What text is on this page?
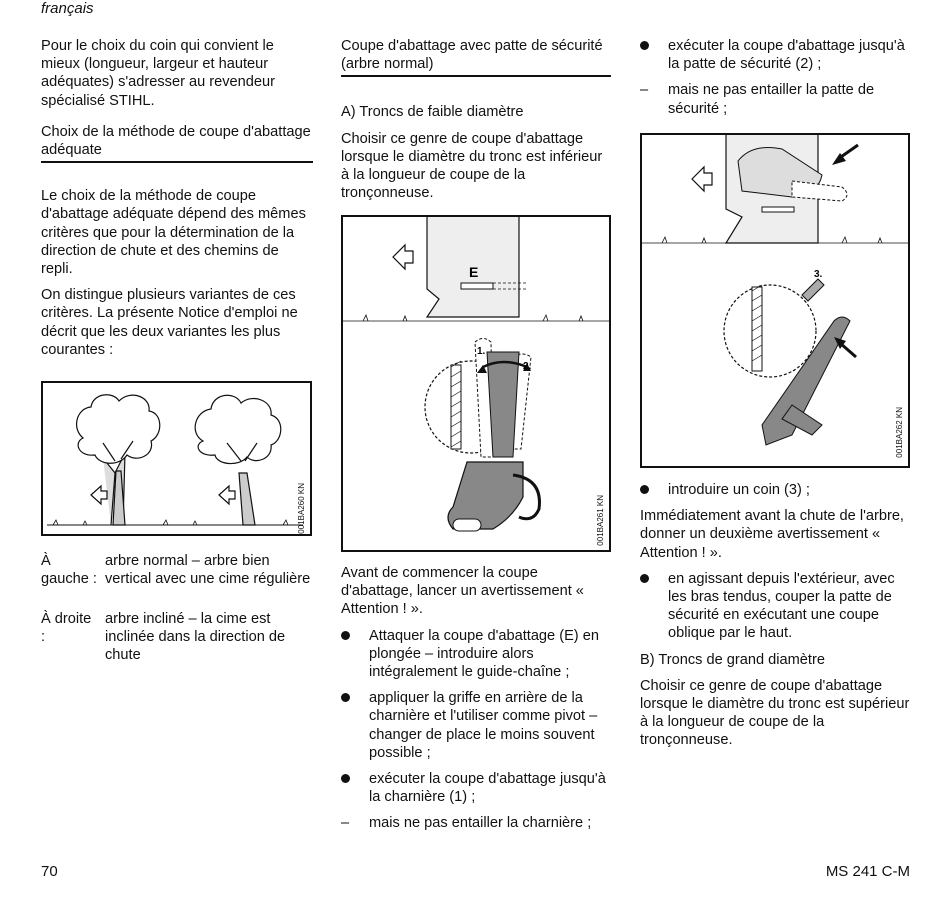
français

Pour le choix du coin qui convient le mieux (longueur, largeur et hauteur adéquates) s'adresser au revendeur spécialisé STIHL.

Choix de la méthode de coupe d'abattage adéquate

Le choix de la méthode de coupe d'abattage adéquate dépend des mêmes critères que pour la détermination de la direction de chute et des chemins de repli.

On distingue plusieurs variantes de ces critères. La présente Notice d'emploi ne décrit que les deux variantes les plus courantes :

001BA260 KN
À gauche :
arbre normal – arbre bien vertical avec une cime régulière
À droite :
arbre incliné – la cime est inclinée dans la direction de chute
Coupe d'abattage avec patte de sécurité (arbre normal)
A) Troncs de faible diamètre

Choisir ce genre de coupe d'abattage lorsque le diamètre du tronc est inférieur à la longueur de coupe de la tronçonneuse.

E
1.
2.
001BA261 KN

Avant de commencer la coupe d'abattage, lancer un avertissement « Attention ! ».

Attaquer la coupe d'abattage (E) en plongée – introduire alors intégralement le guide-chaîne ;
appliquer la griffe en arrière de la charnière et l'utiliser comme pivot – changer de place le moins souvent possible ;
exécuter la coupe d'abattage jusqu'à la charnière (1) ;
–	mais ne pas entailler la charnière ;
exécuter la coupe d'abattage jusqu'à la patte de sécurité (2) ;
–	mais ne pas entailler la patte de sécurité ;
3.
001BA262 KN
introduire un coin (3) ;

Immédiatement avant la chute de l'arbre, donner un deuxième avertissement « Attention ! ».

en agissant depuis l'extérieur, avec les bras tendus, couper la patte de sécurité en exécutant une coupe oblique par le haut.
B) Troncs de grand diamètre

Choisir ce genre de coupe d'abattage lorsque le diamètre du tronc est supérieur à la longueur de coupe de la tronçonneuse.

70	MS 241 C-M
